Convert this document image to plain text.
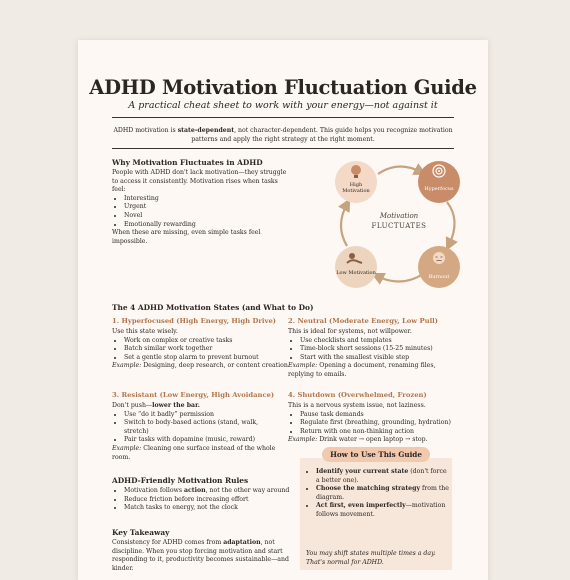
ADHD Motivation Fluctuation Guide
A practical cheat sheet to work with your energy—not against it
ADHD motivation is state-dependent, not character-dependent. This guide helps you recognize motivation patterns and apply the right strategy at the right moment.
Why Motivation Fluctuates in ADHD
People with ADHD don't lack motivation—they struggle to access it consistently. Motivation rises when tasks feel:
• Interesting
• Urgent
• Novel
• Emotionally rewarding
When these are missing, even simple tasks feel impossible.
High Motivation	Hyperfocus
Burnout
Low Motivation
Motivation
FLUCTUATES
The 4 ADHD Motivation States (and What to Do)
1. Hyperfocused (High Energy, High Drive)
Use this state wisely.
• Work on complex or creative tasks
• Batch similar work together
• Set a gentle stop alarm to prevent burnout
Example: Designing, deep research, or content creation.
2. Neutral (Moderate Energy, Low Pull)
This is ideal for systems, not willpower.
• Use checklists and templates
• Time-block short sessions (15-25 minutes)
• Start with the smallest visible step
Example: Opening a document, renaming files, replying to emails.
3. Resistant (Low Energy, High Avoidance)
Don't push—lower the bar.
• Use “do it badly” permission
• Switch to body-based actions (stand, walk, stretch)
• Pair tasks with dopamine (music, reward)
Example: Cleaning one surface instead of the whole room.
4. Shutdown (Overwhelmed, Frozen)
This is a nervous system issue, not laziness.
• Pause task demands
• Regulate first (breathing, grounding, hydration)
• Return with one non-thinking action
Example: Drink water → open laptop → stop.
ADHD-Friendly Motivation Rules
• Motivation follows action, not the other way around
• Reduce friction before increasing effort
• Match tasks to energy, not the clock
Key Takeaway
Consistency for ADHD comes from adaptation, not discipline. When you stop forcing motivation and start responding to it, productivity becomes sustainable—and kinder.
How to Use This Guide
• Identify your current state (don't force a better one).
• Choose the matching strategy from the diagram.
• Act first, even imperfectly—motivation follows movement.
You may shift states multiple times a day. That's normal for ADHD.
